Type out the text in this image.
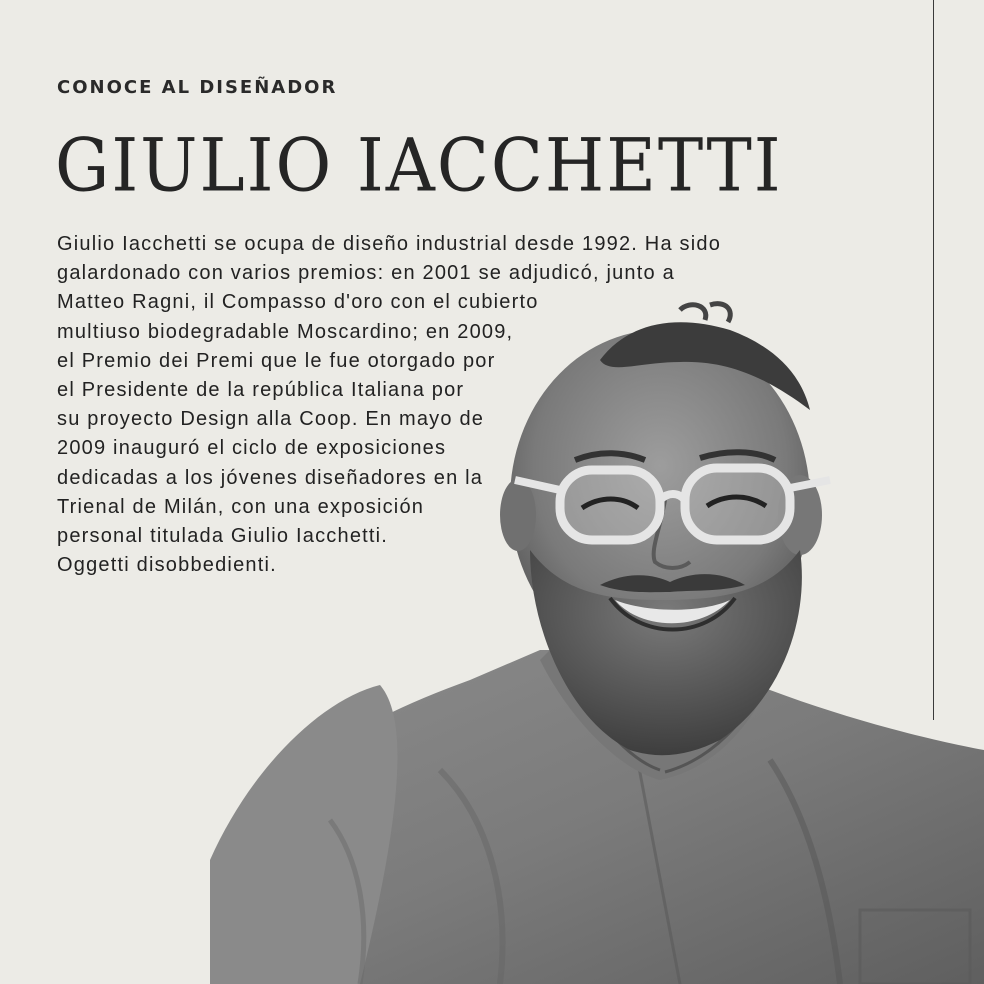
CONOCE AL DISEÑADOR
GIULIO IACCHETTI
Giulio Iacchetti se ocupa de diseño industrial desde 1992. Ha sido
galardonado con varios premios: en 2001 se adjudicó, junto a
Matteo Ragni, il Compasso d'oro con el cubierto
multiuso biodegradable Moscardino; en 2009,
el Premio dei Premi que le fue otorgado por
el Presidente de la república Italiana por
su proyecto Design alla Coop. En mayo de
2009 inauguró el ciclo de exposiciones
dedicadas a los jóvenes diseñadores en la
Trienal de Milán, con una exposición
personal titulada Giulio Iacchetti.
Oggetti disobbedienti.
